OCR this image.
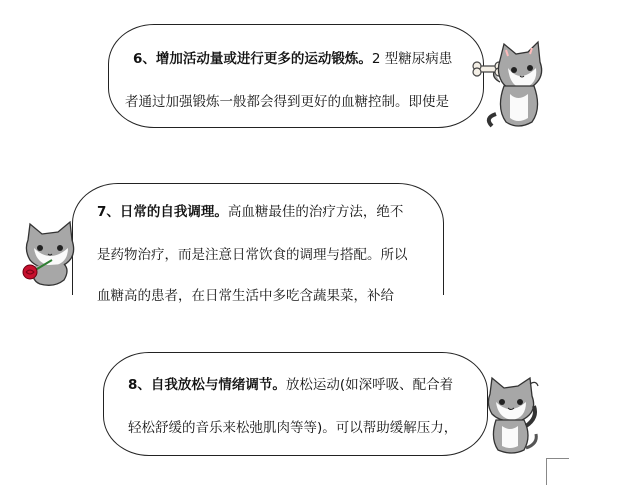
6、增加活动量或进行更多的运动锻炼。2 型糖尿病患
者通过加强锻炼一般都会得到更好的血糖控制。即使是
7、日常的自我调理。高血糖最佳的治疗方法，绝不
是药物治疗，而是注意日常饮食的调理与搭配。所以
血糖高的患者，在日常生活中多吃含蔬果菜，补给
8、自我放松与情绪调节。放松运动(如深呼吸、配合着
轻松舒缓的音乐来松弛肌肉等等)。可以帮助缓解压力，
